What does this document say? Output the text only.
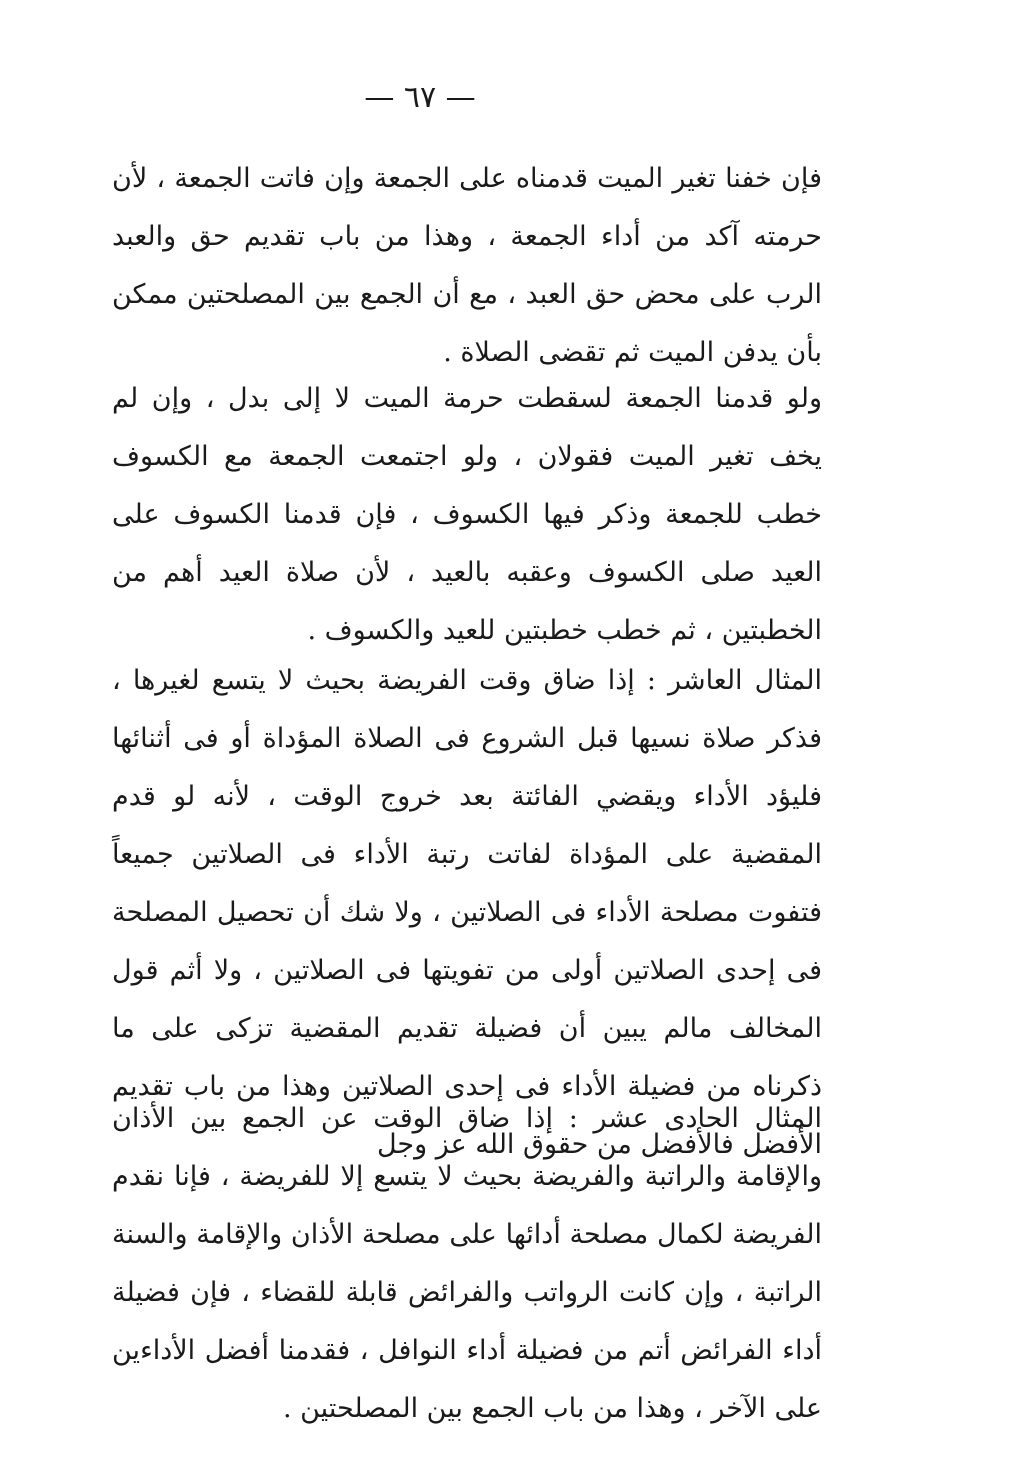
— ٦٧ —

فإن خفنا تغير الميت قدمناه على الجمعة وإن فاتت الجمعة ، لأن حرمته آكد من أداء الجمعة ، وهذا من باب تقديم حق والعبد الرب على محض حق العبد ، مع أن الجمع بين المصلحتين ممكن بأن يدفن الميت ثم تقضى الصلاة .

ولو قدمنا الجمعة لسقطت حرمة الميت لا إلى بدل ، وإن لم يخف تغير الميت فقولان ، ولو اجتمعت الجمعة مع الكسوف خطب للجمعة وذكر فيها الكسوف ، فإن قدمنا الكسوف على العيد صلى الكسوف وعقبه بالعيد ، لأن صلاة العيد أهم من الخطبتين ، ثم خطب خطبتين للعيد والكسوف .

المثال العاشر : إذا ضاق وقت الفريضة بحيث لا يتسع لغيرها ، فذكر صلاة نسيها قبل الشروع فى الصلاة المؤداة أو فى أثنائها فليؤد الأداء ويقضي الفائتة بعد خروج الوقت ، لأنه لو قدم المقضية على المؤداة لفاتت رتبة الأداء فى الصلاتين جميعاً فتفوت مصلحة الأداء فى الصلاتين ، ولا شك أن تحصيل المصلحة فى إحدى الصلاتين أولى من تفويتها فى الصلاتين ، ولا أثم قول المخالف مالم يبين أن فضيلة تقديم المقضية تزكى على ما ذكرناه من فضيلة الأداء فى إحدى الصلاتين وهذا من باب تقديم الأفضل فالأفضل من حقوق الله عز وجل

المثال الحادى عشر : إذا ضاق الوقت عن الجمع بين الأذان والإقامة والراتبة والفريضة بحيث لا يتسع إلا للفريضة ، فإنا نقدم الفريضة لكمال مصلحة أدائها على مصلحة الأذان والإقامة والسنة الراتبة ، وإن كانت الرواتب والفرائض قابلة للقضاء ، فإن فضيلة أداء الفرائض أتم من فضيلة أداء النوافل ، فقدمنا أفضل الأداءين على الآخر ، وهذا من باب الجمع بين المصلحتين .
